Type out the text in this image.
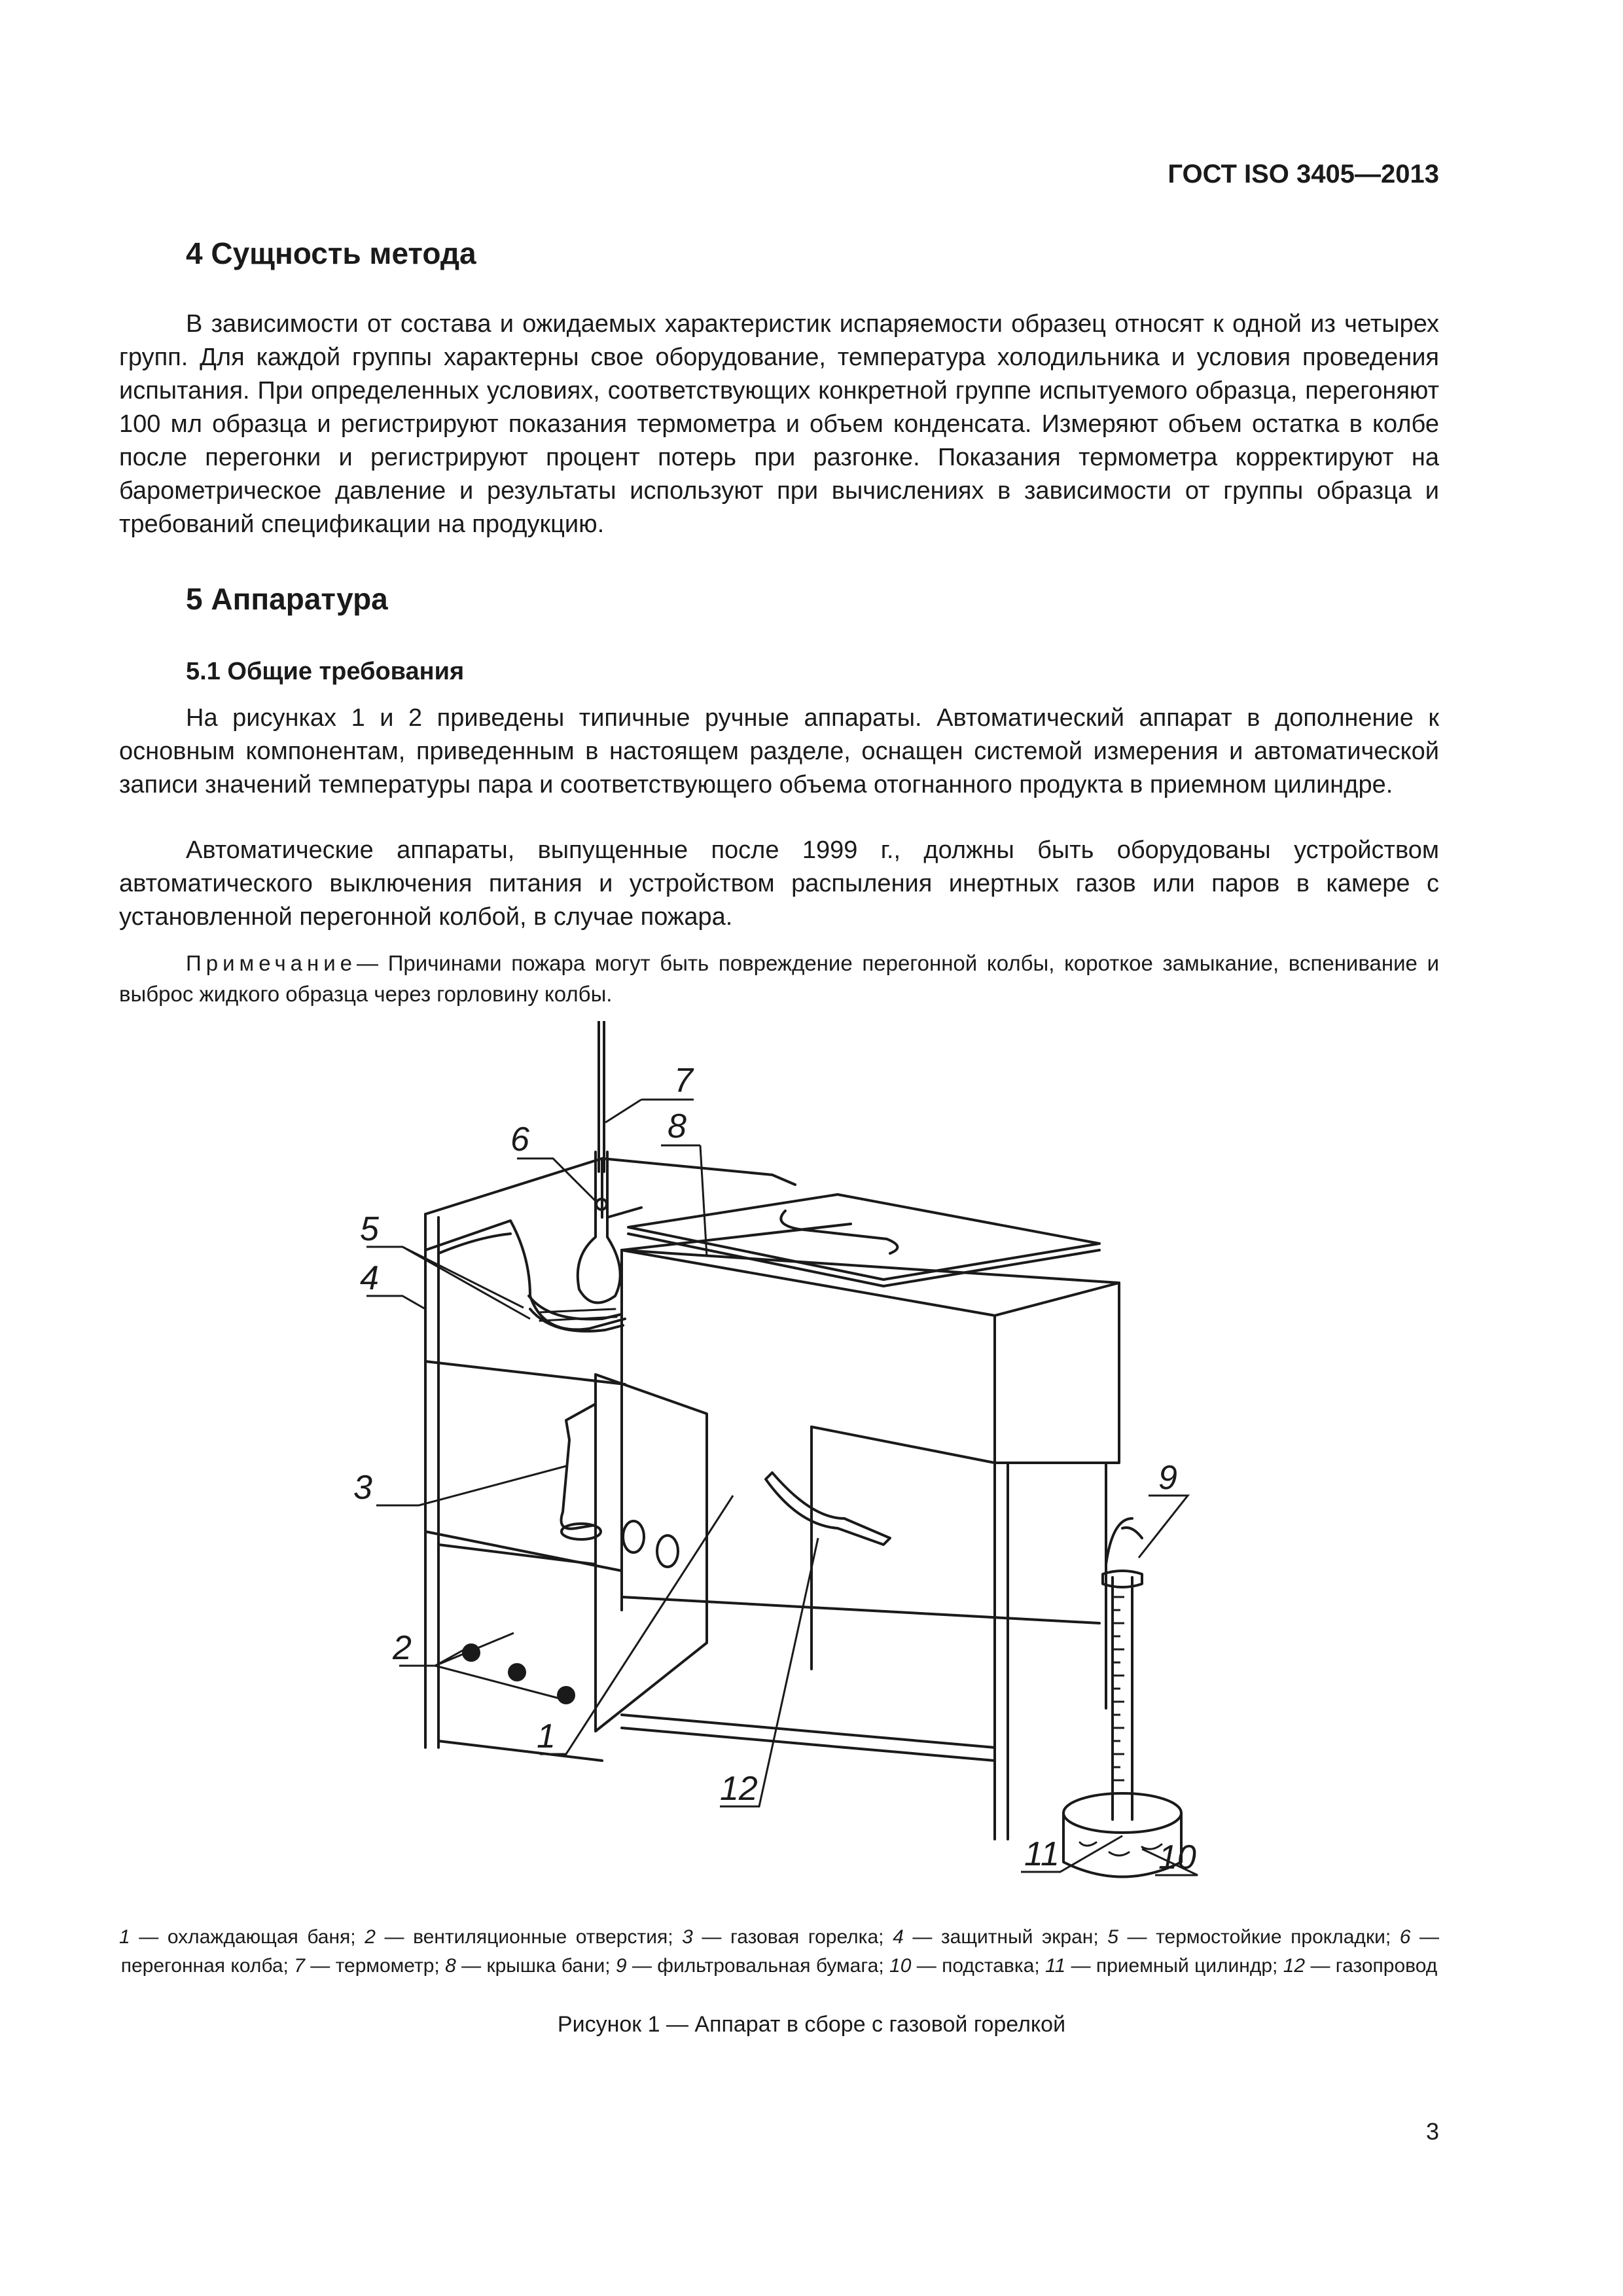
ГОСТ ISO 3405—2013
4 Сущность метода

В зависимости от состава и ожидаемых характеристик испаряемости образец относят к одной из четырех групп. Для каждой группы характерны свое оборудование, температура холодильника и условия проведения испытания. При определенных условиях, соответствующих конкретной группе испытуемого образца, перегоняют 100 мл образца и регистрируют показания термометра и объем конденсата. Измеряют объем остатка в колбе после перегонки и регистрируют процент потерь при разгонке. Показания термометра корректируют на барометрическое давление и результаты используют при вычислениях в зависимости от группы образца и требований спецификации на продукцию.

5 Аппаратура
5.1 Общие требования

На рисунках 1 и 2 приведены типичные ручные аппараты. Автоматический аппарат в дополнение к основным компонентам, приведенным в настоящем разделе, оснащен системой измерения и автоматической записи значений температуры пара и соответствующего объема отогнанного продукта в приемном цилиндре.

Автоматические аппараты, выпущенные после 1999 г., должны быть оборудованы устройством автоматического выключения питания и устройством распыления инертных газов или паров в камере с установленной перегонной колбой, в случае пожара.

Примечание— Причинами пожара могут быть повреждение перегонной колбы, короткое замыкание, вспенивание и выброс жидкого образца через горловину колбы.

7
6	8
5
4
3
2
1
12
11	10
9

1 — охлаждающая баня; 2 — вентиляционные отверстия; 3 — газовая горелка; 4 — защитный экран; 5 — термостойкие прокладки; 6 — перегонная колба; 7 — термометр; 8 — крышка бани; 9 — фильтровальная бумага; 10 — подставка; 11 — приемный цилиндр; 12 — газопровод

Рисунок 1 — Аппарат в сборе с газовой горелкой
3
